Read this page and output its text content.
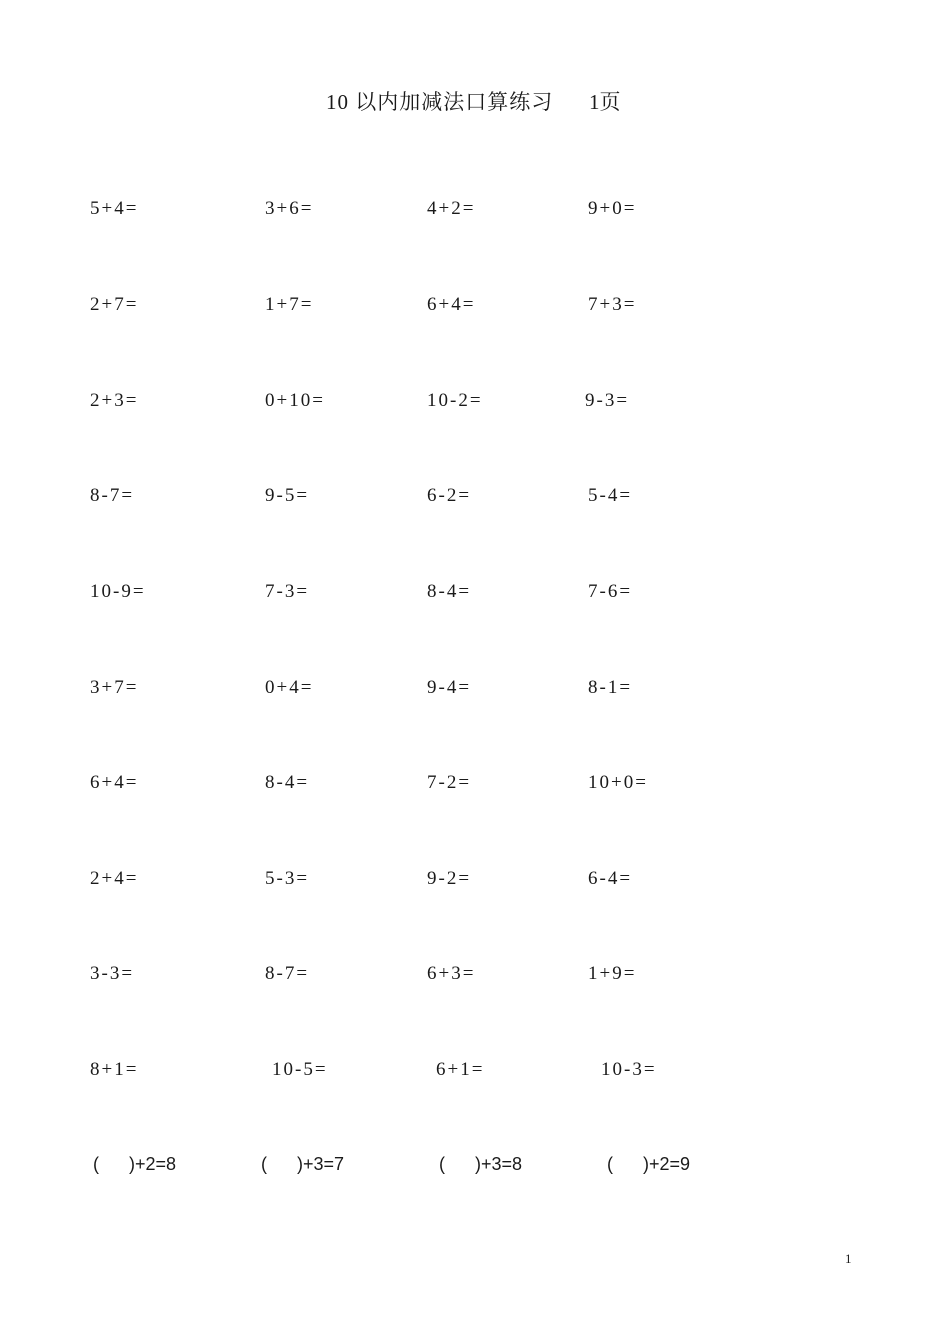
10 以内加减法口算练习 1页
5+4=	3+6=	4+2=	9+0=
2+7=	1+7=	6+4=	7+3=
2+3=	0+10=	10-2=	9-3=
8-7=	9-5=	6-2=	5-4=
10-9=	7-3=	8-4=	7-6=
3+7=	0+4=	9-4=	8-1=
6+4=	8-4=	7-2=	10+0=
2+4=	5-3=	9-2=	6-4=
3-3=	8-7=	6+3=	1+9=
8+1=	10-5=	6+1=	10-3=
(      )+2=8	(      )+3=7	(      )+3=8	(      )+2=9
1
